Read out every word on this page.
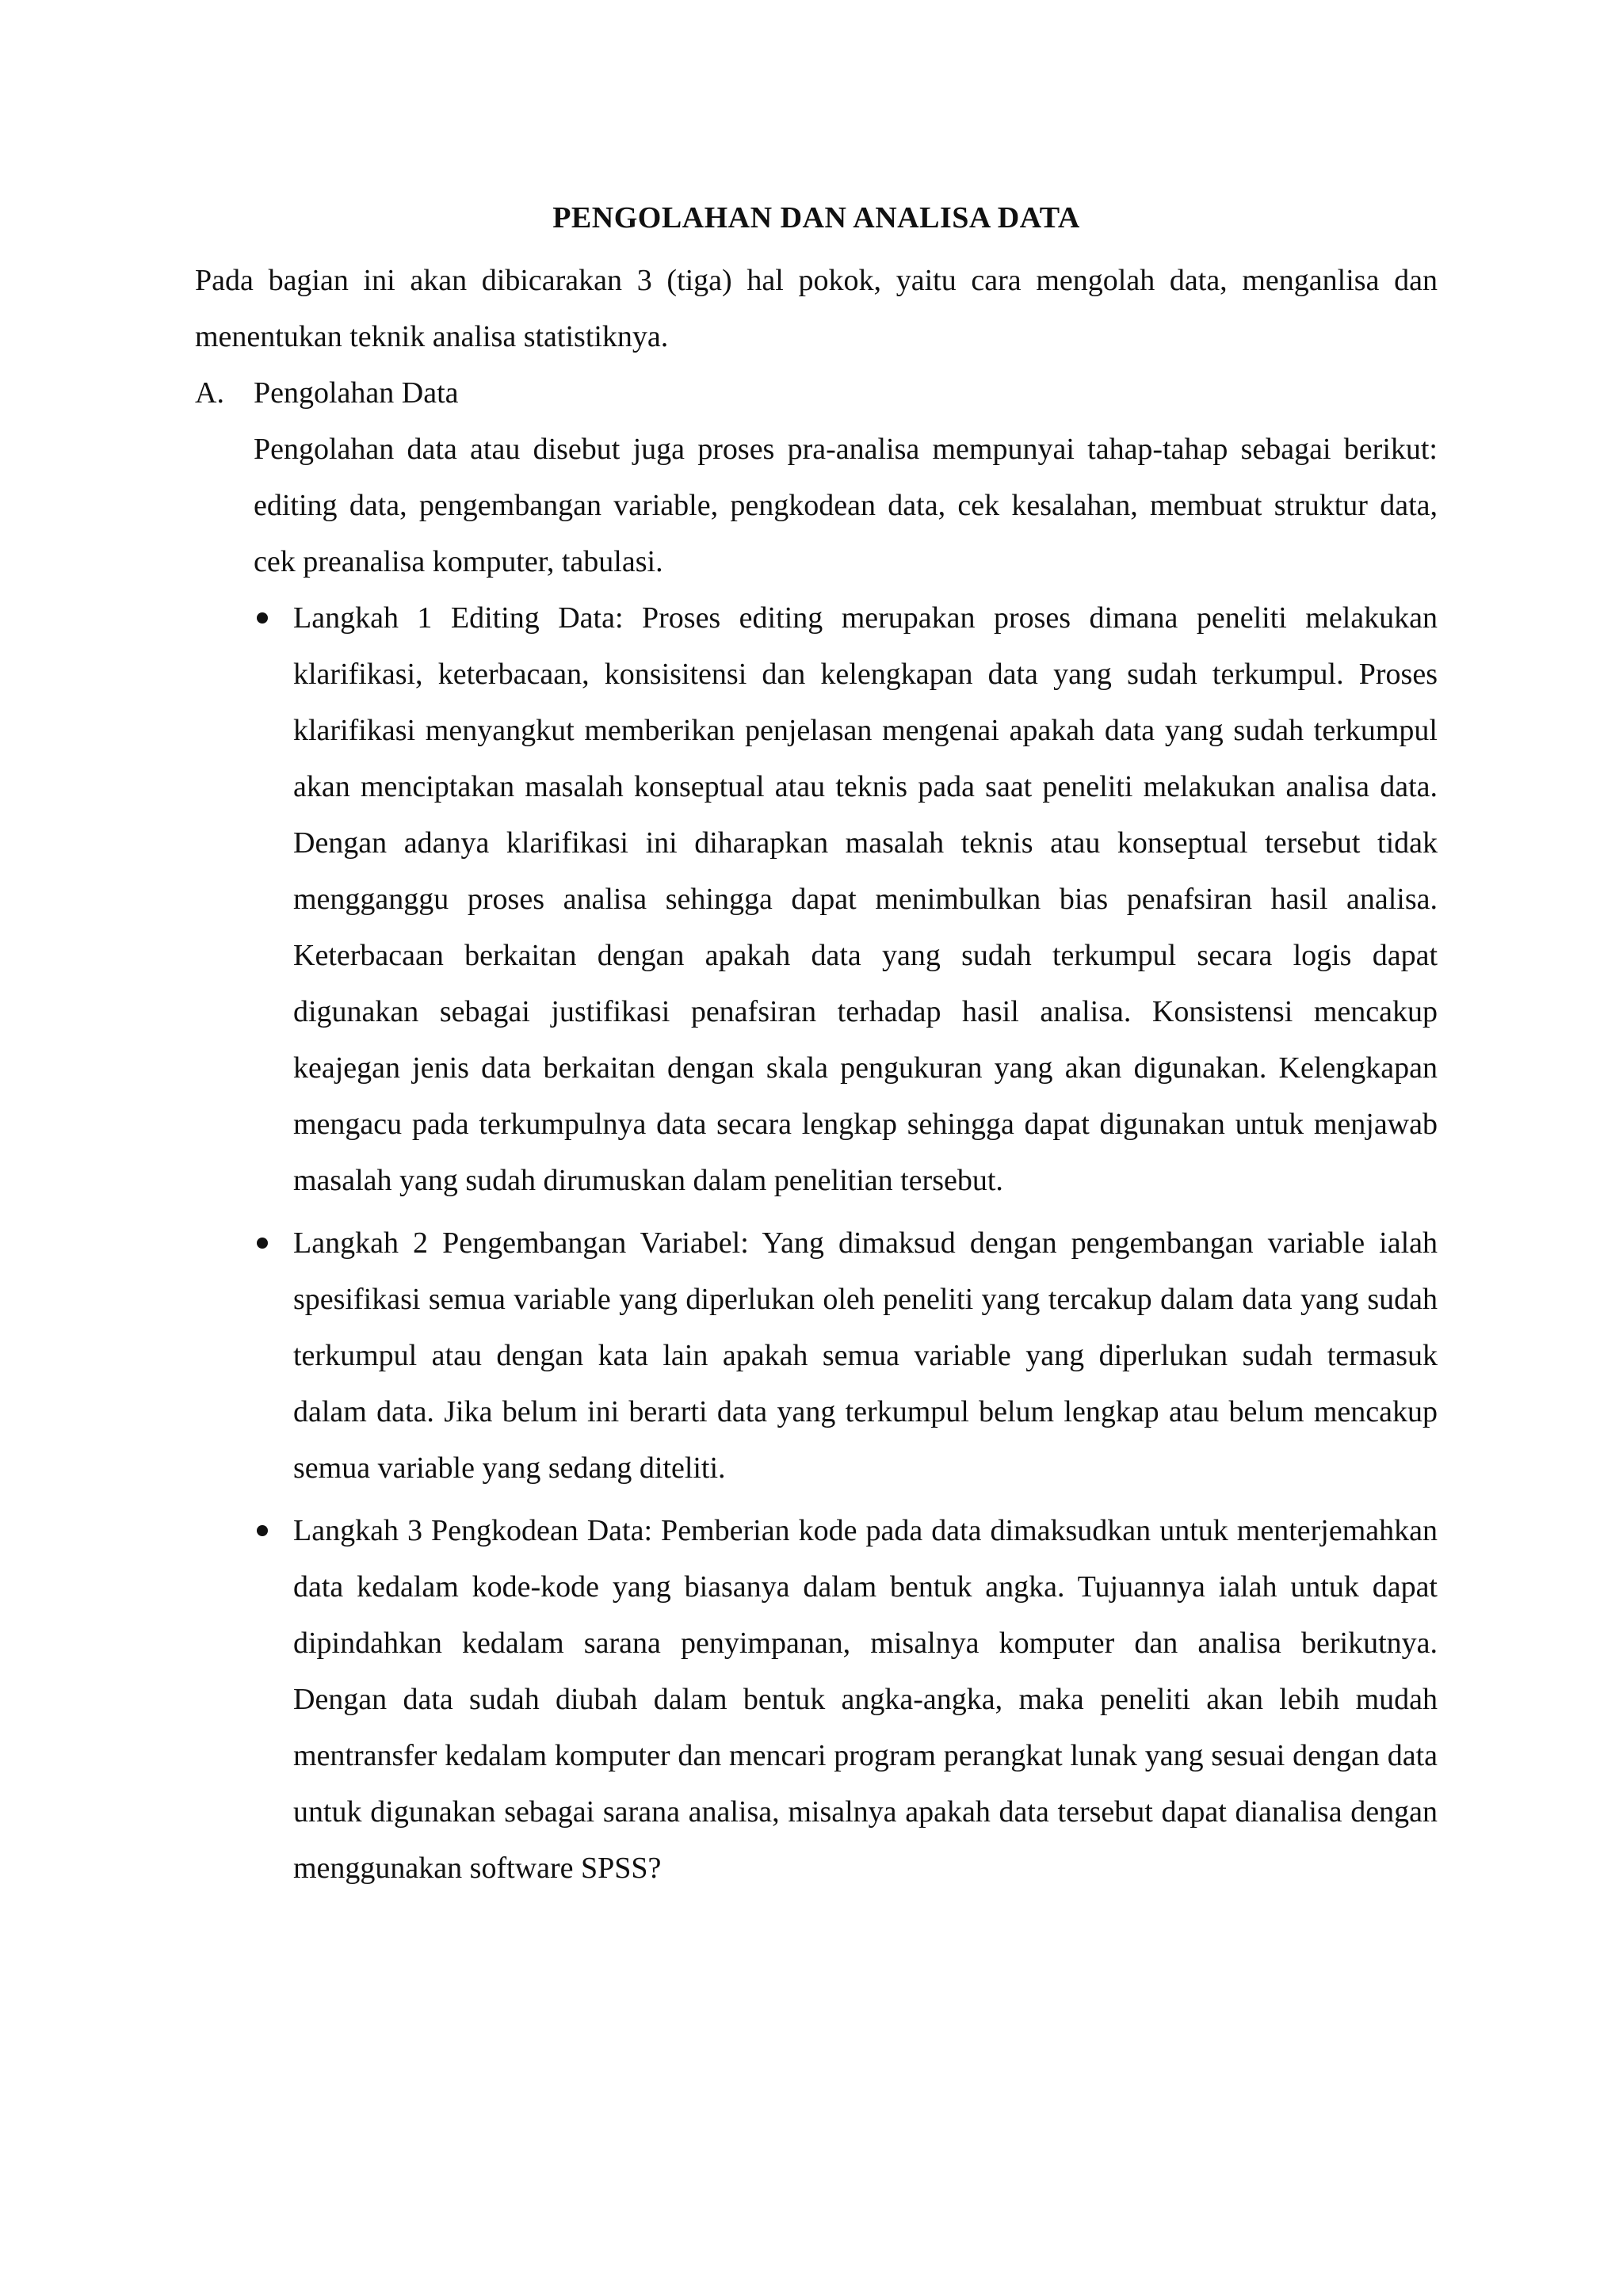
PENGOLAHAN DAN ANALISA DATA

Pada bagian ini akan dibicarakan 3 (tiga) hal pokok, yaitu cara mengolah data, menganlisa dan menentukan teknik analisa statistiknya.

A. Pengolahan Data

Pengolahan data atau disebut juga proses pra-analisa mempunyai tahap-tahap sebagai berikut: editing data, pengembangan variable, pengkodean data, cek kesalahan, membuat struktur data, cek preanalisa komputer, tabulasi.

Langkah 1 Editing Data: Proses editing merupakan proses dimana peneliti melakukan klarifikasi, keterbacaan, konsisitensi dan kelengkapan data yang sudah terkumpul. Proses klarifikasi menyangkut memberikan penjelasan mengenai apakah data yang sudah terkumpul akan menciptakan masalah konseptual atau teknis pada saat peneliti melakukan analisa data. Dengan adanya klarifikasi ini diharapkan masalah teknis atau konseptual tersebut tidak mengganggu proses analisa sehingga dapat menimbulkan bias penafsiran hasil analisa. Keterbacaan berkaitan dengan apakah data yang sudah terkumpul secara logis dapat digunakan sebagai justifikasi penafsiran terhadap hasil analisa. Konsistensi mencakup keajegan jenis data berkaitan dengan skala pengukuran yang akan digunakan. Kelengkapan mengacu pada terkumpulnya data secara lengkap sehingga dapat digunakan untuk menjawab masalah yang sudah dirumuskan dalam penelitian tersebut.
Langkah 2 Pengembangan Variabel: Yang dimaksud dengan pengembangan variable ialah spesifikasi semua variable yang diperlukan oleh peneliti yang tercakup dalam data yang sudah terkumpul atau dengan kata lain apakah semua variable yang diperlukan sudah termasuk dalam data. Jika belum ini berarti data yang terkumpul belum lengkap atau belum mencakup semua variable yang sedang diteliti.
Langkah 3 Pengkodean Data: Pemberian kode pada data dimaksudkan untuk menterjemahkan data kedalam kode-kode yang biasanya dalam bentuk angka. Tujuannya ialah untuk dapat dipindahkan kedalam sarana penyimpanan, misalnya komputer dan analisa berikutnya. Dengan data sudah diubah dalam bentuk angka-angka, maka peneliti akan lebih mudah mentransfer kedalam komputer dan mencari program perangkat lunak yang sesuai dengan data untuk digunakan sebagai sarana analisa, misalnya apakah data tersebut dapat dianalisa dengan menggunakan software SPSS?
